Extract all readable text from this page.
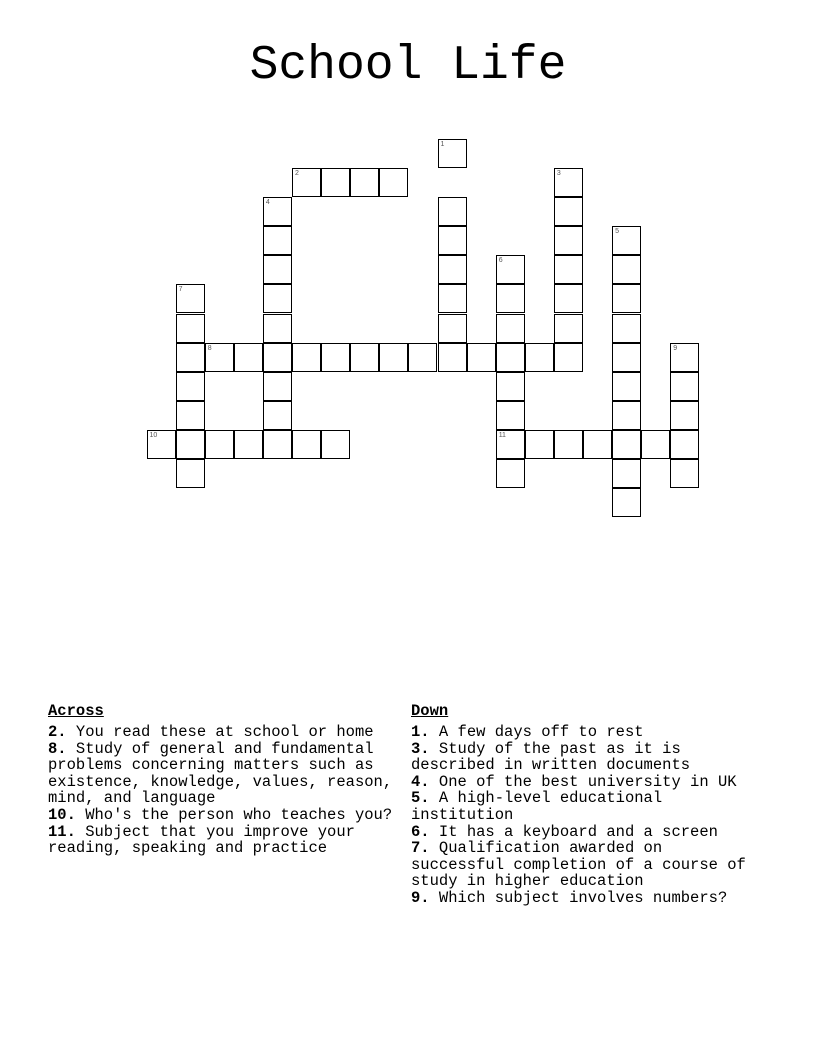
School Life
1
2	3
4
5
6
7
8	9
10	11
Across
2. You read these at school or home
8. Study of general and fundamental problems concerning matters such as existence, knowledge, values, reason, mind, and language
10. Who's the person who teaches you?
11. Subject that you improve your reading, speaking and practice
Down
1. A few days off to rest
3. Study of the past as it is described in written documents
4. One of the best university in UK
5. A high-level educational institution
6. It has a keyboard and a screen
7. Qualification awarded on successful completion of a course of study in higher education
9. Which subject involves numbers?
